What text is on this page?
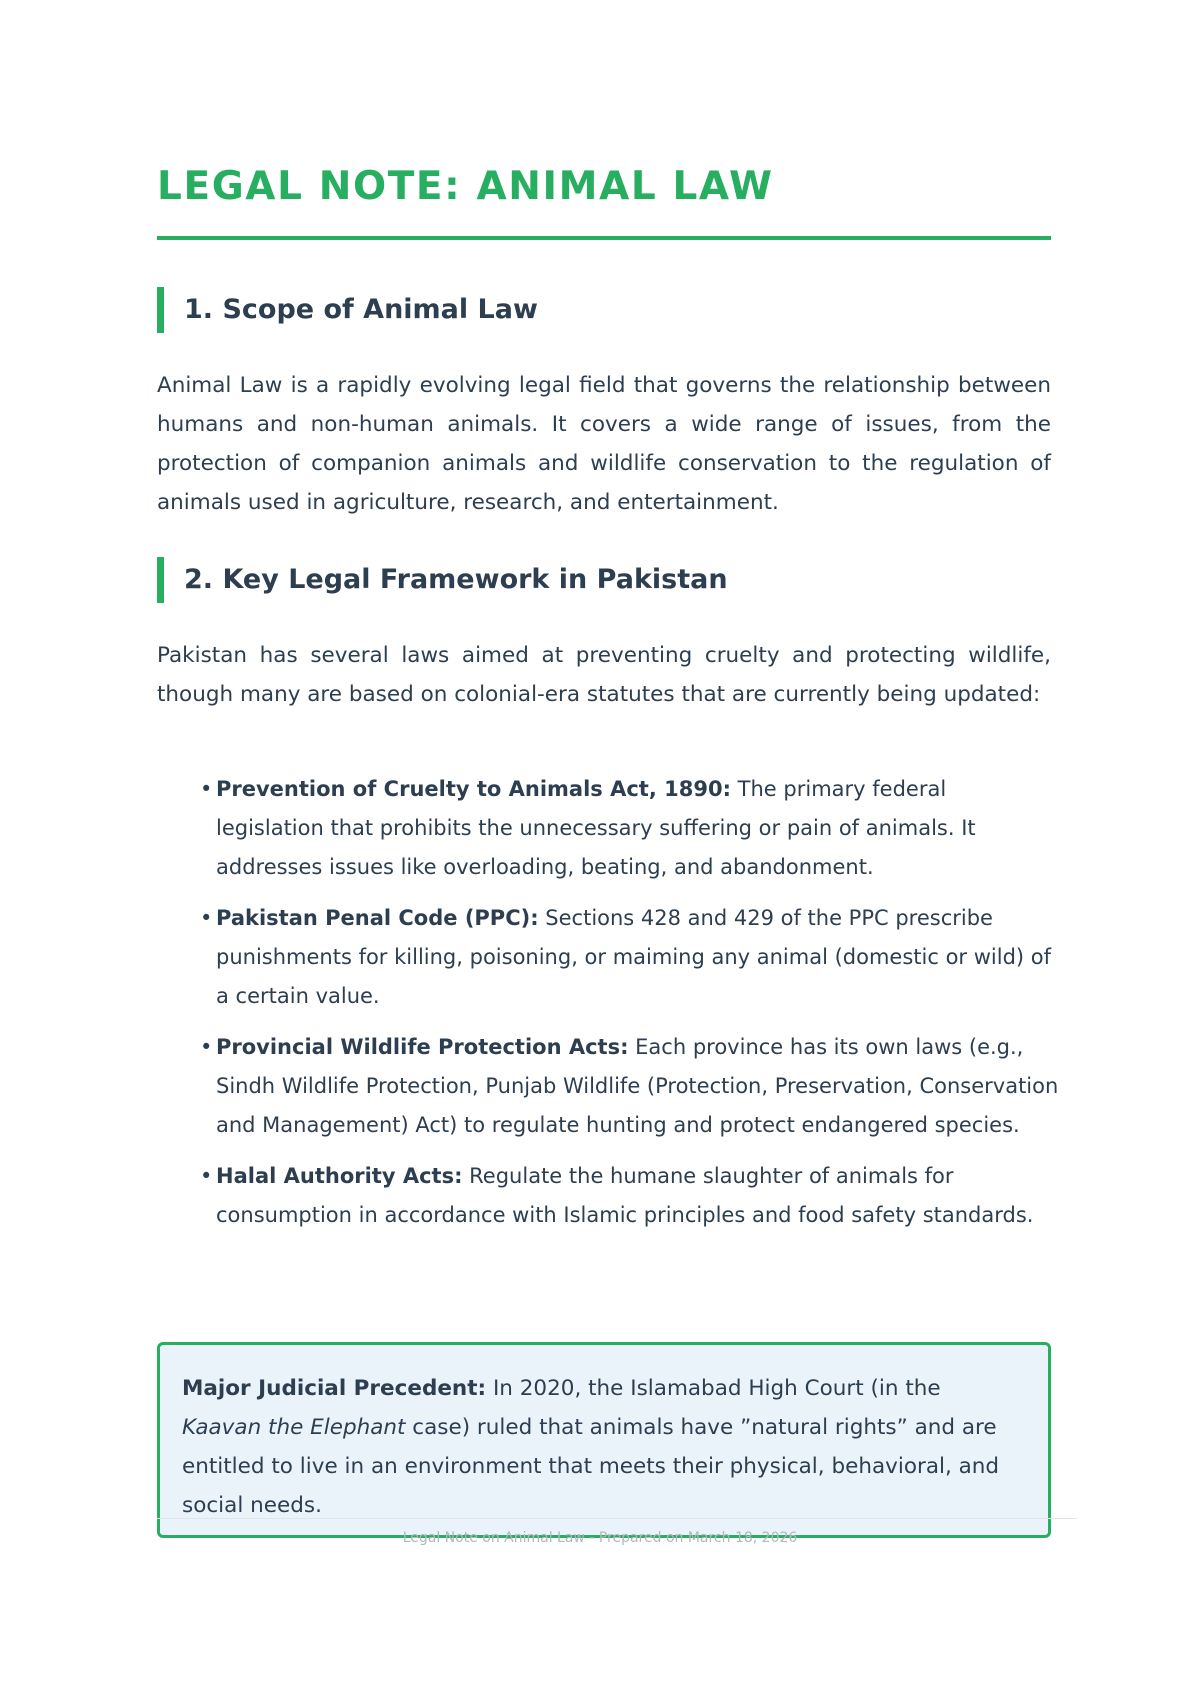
LEGAL NOTE: ANIMAL LAW
1. Scope of Animal Law

Animal Law is a rapidly evolving legal field that governs the relationship between humans and non-human animals. It covers a wide range of issues, from the protection of companion animals and wildlife conservation to the regulation of animals used in agriculture, research, and entertainment.

2. Key Legal Framework in Pakistan

Pakistan has several laws aimed at preventing cruelty and protecting wildlife, though many are based on colonial-era statutes that are currently being updated:

• Prevention of Cruelty to Animals Act, 1890: The primary federal legislation that prohibits the unnecessary suffering or pain of animals. It addresses issues like overloading, beating, and abandonment.
• Pakistan Penal Code (PPC): Sections 428 and 429 of the PPC prescribe punishments for killing, poisoning, or maiming any animal (domestic or wild) of a certain value.
• Provincial Wildlife Protection Acts: Each province has its own laws (e.g., Sindh Wildlife Protection, Punjab Wildlife (Protection, Preservation, Conservation and Management) Act) to regulate hunting and protect endangered species.
• Halal Authority Acts: Regulate the humane slaughter of animals for consumption in accordance with Islamic principles and food safety standards.
Major Judicial Precedent: In 2020, the Islamabad High Court (in the Kaavan the Elephant case) ruled that animals have ”natural rights” and are entitled to live in an environment that meets their physical, behavioral, and social needs.

Legal Note on Animal Law - Prepared on March 18, 2026
